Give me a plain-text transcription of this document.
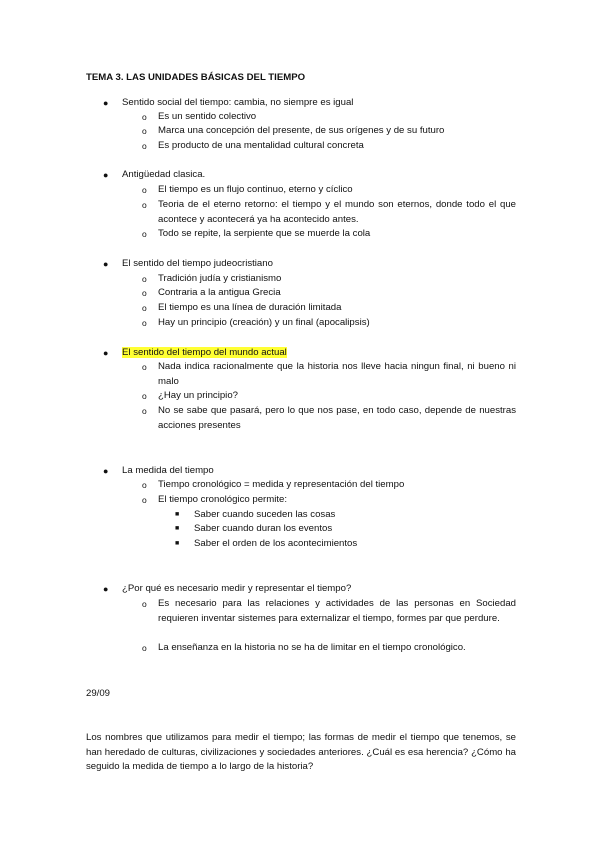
TEMA 3. LAS UNIDADES BÁSICAS DEL TIEMPO
● Sentido social del tiempo: cambia, no siempre es igual
o Es un sentido colectivo
o Marca una concepción del presente, de sus orígenes y de su futuro
o Es producto de una mentalidad cultural concreta
● Antigüedad clasica.
o El tiempo es un flujo continuo, eterno y cíclico
o Teoria de el eterno retorno: el tiempo y el mundo son eternos, donde todo el que acontece y acontecerá ya ha acontecido antes.
o Todo se repite, la serpiente que se muerde la cola
● El sentido del tiempo judeocristiano
o Tradición judía y cristianismo
o Contraria a la antigua Grecia
o El tiempo es una línea de duración limitada
o Hay un principio (creación) y un final (apocalipsis)
● El sentido del tiempo del mundo actual
o Nada indica racionalmente que la historia nos lleve hacia ningun final, ni bueno ni malo
o ¿Hay un principio?
o No se sabe que pasará, pero lo que nos pase, en todo caso, depende de nuestras acciones presentes
● La medida del tiempo
o Tiempo cronológico = medida y representación del tiempo
o El tiempo cronológico permite:
■ Saber cuando suceden las cosas
■ Saber cuando duran los eventos
■ Saber el orden de los acontecimientos
● ¿Por qué es necesario medir y representar el tiempo?
o Es necesario para las relaciones y actividades de las personas en Sociedad requieren inventar sistemes para externalizar el tiempo, formes par que perdure.
o La enseñanza en la historia no se ha de limitar en el tiempo cronológico.
29/09
Los nombres que utilizamos para medir el tiempo; las formas de medir el tiempo que tenemos, se han heredado de culturas, civilizaciones y sociedades anteriores. ¿Cuál es esa herencia? ¿Cómo ha seguido la medida de tiempo a lo largo de la historia?
